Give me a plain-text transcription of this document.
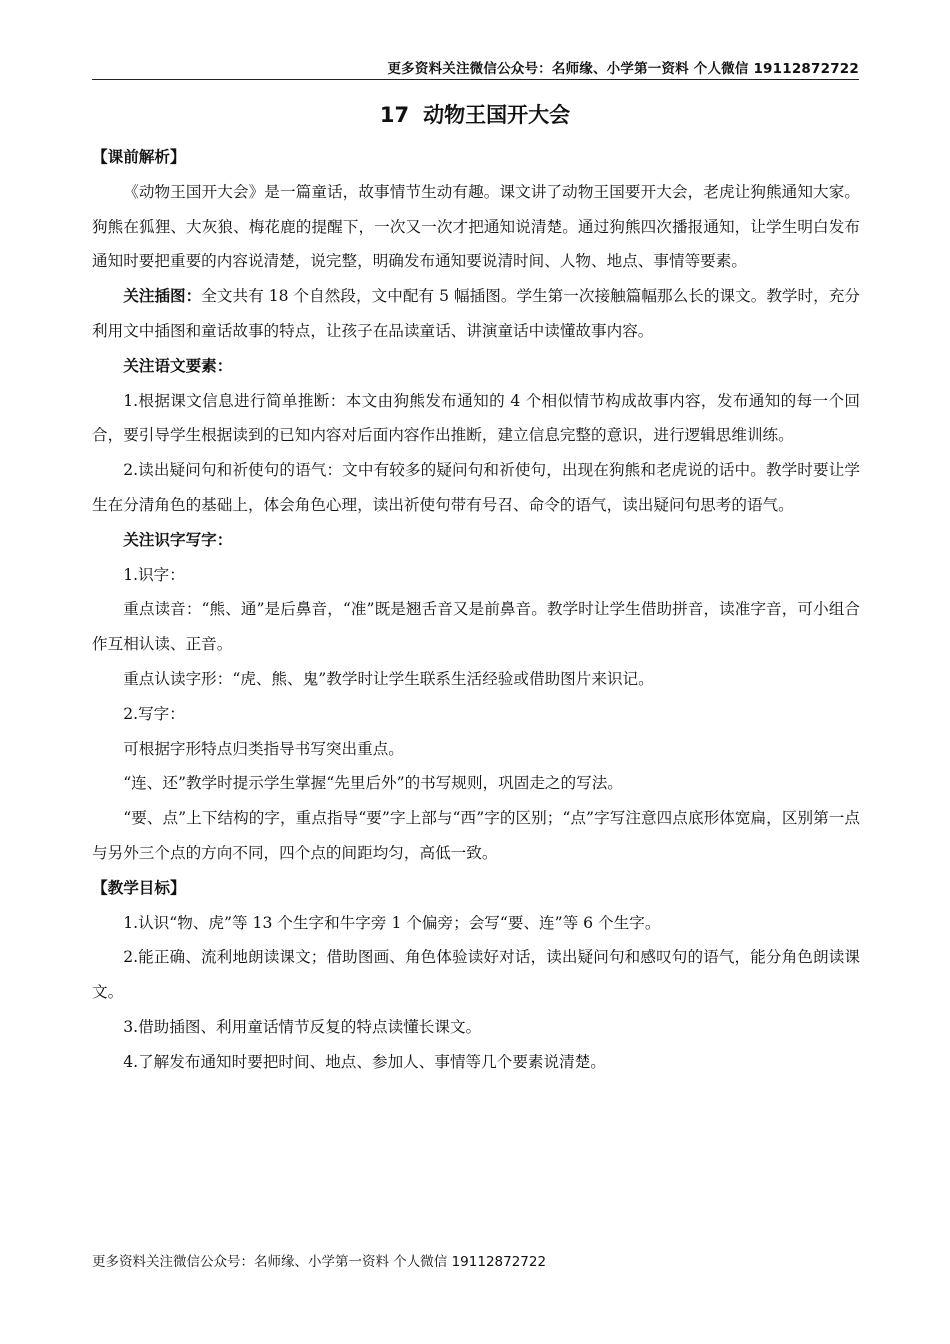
更多资料关注微信公众号：名师缘、小学第一资料 个人微信 19112872722
17 动物王国开大会
【课前解析】

《动物王国开大会》是一篇童话，故事情节生动有趣。课文讲了动物王国要开大会，老虎让狗熊通知大家。狗熊在狐狸、大灰狼、梅花鹿的提醒下，一次又一次才把通知说清楚。通过狗熊四次播报通知，让学生明白发布通知时要把重要的内容说清楚，说完整，明确发布通知要说清时间、人物、地点、事情等要素。

关注插图：全文共有 18 个自然段，文中配有 5 幅插图。学生第一次接触篇幅那么长的课文。教学时，充分利用文中插图和童话故事的特点，让孩子在品读童话、讲演童话中读懂故事内容。

关注语文要素：

1.根据课文信息进行简单推断：本文由狗熊发布通知的 4 个相似情节构成故事内容，发布通知的每一个回合，要引导学生根据读到的已知内容对后面内容作出推断，建立信息完整的意识，进行逻辑思维训练。

2.读出疑问句和祈使句的语气：文中有较多的疑问句和祈使句，出现在狗熊和老虎说的话中。教学时要让学生在分清角色的基础上，体会角色心理，读出祈使句带有号召、命令的语气，读出疑问句思考的语气。

关注识字写字：

1.识字：

重点读音：“熊、通”是后鼻音，“准”既是翘舌音又是前鼻音。教学时让学生借助拼音，读准字音，可小组合作互相认读、正音。

重点认读字形：“虎、熊、鬼”教学时让学生联系生活经验或借助图片来识记。

2.写字：

可根据字形特点归类指导书写突出重点。

“连、还”教学时提示学生掌握“先里后外”的书写规则，巩固走之的写法。

“要、点”上下结构的字，重点指导“要”字上部与“西”字的区别；“点”字写注意四点底形体宽扁，区别第一点与另外三个点的方向不同，四个点的间距均匀，高低一致。

【教学目标】

1.认识“物、虎”等 13 个生字和牛字旁 1 个偏旁；会写“要、连”等 6 个生字。

2.能正确、流利地朗读课文；借助图画、角色体验读好对话，读出疑问句和感叹句的语气，能分角色朗读课文。

3.借助插图、利用童话情节反复的特点读懂长课文。

4.了解发布通知时要把时间、地点、参加人、事情等几个要素说清楚。

更多资料关注微信公众号：名师缘、小学第一资料 个人微信 19112872722
